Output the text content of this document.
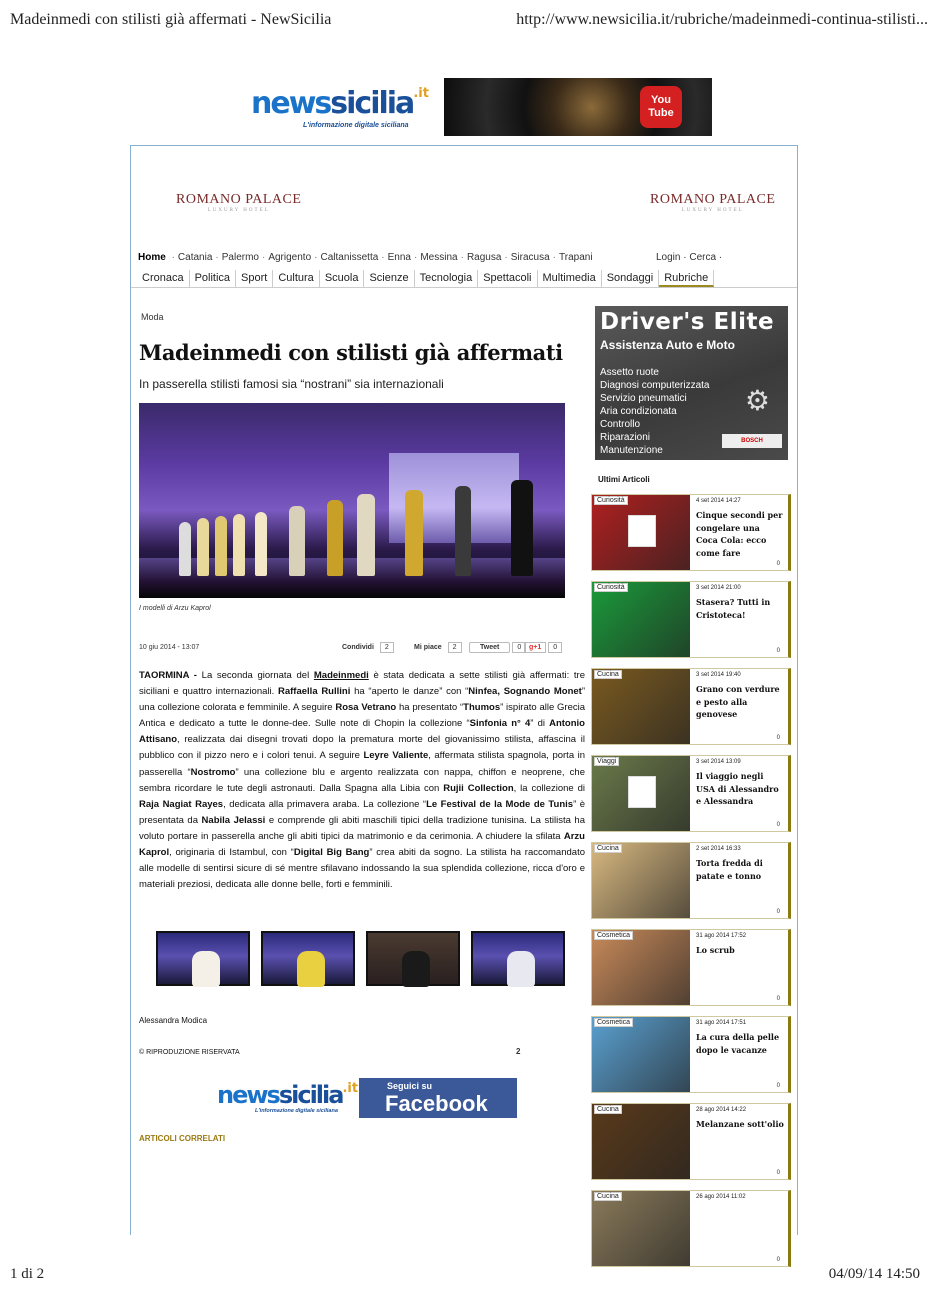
Madeinmedi con stilisti già affermati - NewSicilia	http://www.newsicilia.it/rubriche/madeinmedi-continua-stilisti...
newssicilia$^{.it}$
L'informazione digitale siciliana
You
Tube
ROMANO PALACE
LUXURY HOTEL
ROMANO PALACE
LUXURY HOTEL
Home · Catania · Palermo · Agrigento · Caltanissetta · Enna · Messina · Ragusa · Siracusa · Trapani	Login · Cerca ·
Cronaca	Politica	Sport	Cultura	Scuola	Scienze	Tecnologia	Spettacoli	Multimedia	Sondaggi	Rubriche
Moda
Madeinmedi con stilisti già affermati
In passerella stilisti famosi sia “nostrani” sia internazionali
I modelli di Arzu Kaprol
10 giu 2014 - 13:07	Condividi	2	Mi piace	2	Tweet	0	g+1	0
TAORMINA - La seconda giornata del Madeinmedi è stata dedicata a sette stilisti già affermati: tre siciliani e quattro internazionali. Raffaella Rullini ha “aperto le danze” con “Ninfea, Sognando Monet” una collezione colorata e femminile. A seguire Rosa Vetrano ha presentato “Thumos” ispirato alle Grecia Antica e dedicato a tutte le donne-dee. Sulle note di Chopin la collezione “Sinfonia n° 4” di Antonio Attisano, realizzata dai disegni trovati dopo la prematura morte del giovanissimo stilista, affascina il pubblico con il pizzo nero e i colori tenui. A seguire Leyre Valiente, affermata stilista spagnola, porta in passerella “Nostromo” una collezione blu e argento realizzata con nappa, chiffon e neoprene, che sembra ricordare le tute degli astronauti. Dalla Spagna alla Libia con Rujii Collection, la collezione di Raja Nagiat Rayes, dedicata alla primavera araba. La collezione “Le Festival de la Mode de Tunis” è presentata da Nabila Jelassi e comprende gli abiti maschili tipici della tradizione tunisina. La stilista ha voluto portare in passerella anche gli abiti tipici da matrimonio e da cerimonia. A chiudere la sfilata Arzu Kaprol, originaria di Istambul, con “Digital Big Bang” crea abiti da sogno. La stilista ha raccomandato alle modelle di sentirsi sicure di sé mentre sfilavano indossando la sua splendida collezione, ricca d'oro e materiali preziosi, dedicata alle donne belle, forti e femminili.
Alessandra Modica
© RIPRODUZIONE RISERVATA	2
newssicilia$^{.it}$
L'informazione digitale siciliana
Seguici su
Facebook
ARTICOLI CORRELATI
Driver's Elite
Assistenza Auto e Moto
Assetto ruote
Diagnosi computerizzata
Servizio pneumatici
Aria condizionata
Controllo
Riparazioni
Manutenzione
⚙
BOSCH
Ultimi Articoli
Curiosità	4 set 2014 14:27
Cinque secondi per congelare una Coca Cola: ecco come fare
0
Curiosità	3 set 2014 21:00
Stasera? Tutti in Cristoteca!
0
Cucina	3 set 2014 19:40
Grano con verdure e pesto alla genovese
0
Viaggi	3 set 2014 13:09
Il viaggio negli USA di Alessandro e Alessandra
0
Cucina	2 set 2014 16:33
Torta fredda di patate e tonno
0
Cosmetica	31 ago 2014 17:52
Lo scrub
0
Cosmetica	31 ago 2014 17:51
La cura della pelle dopo le vacanze
0
Cucina	28 ago 2014 14:22
Melanzane sott'olio
0
Cucina	26 ago 2014 11:02
0
1 di 2	04/09/14 14:50
